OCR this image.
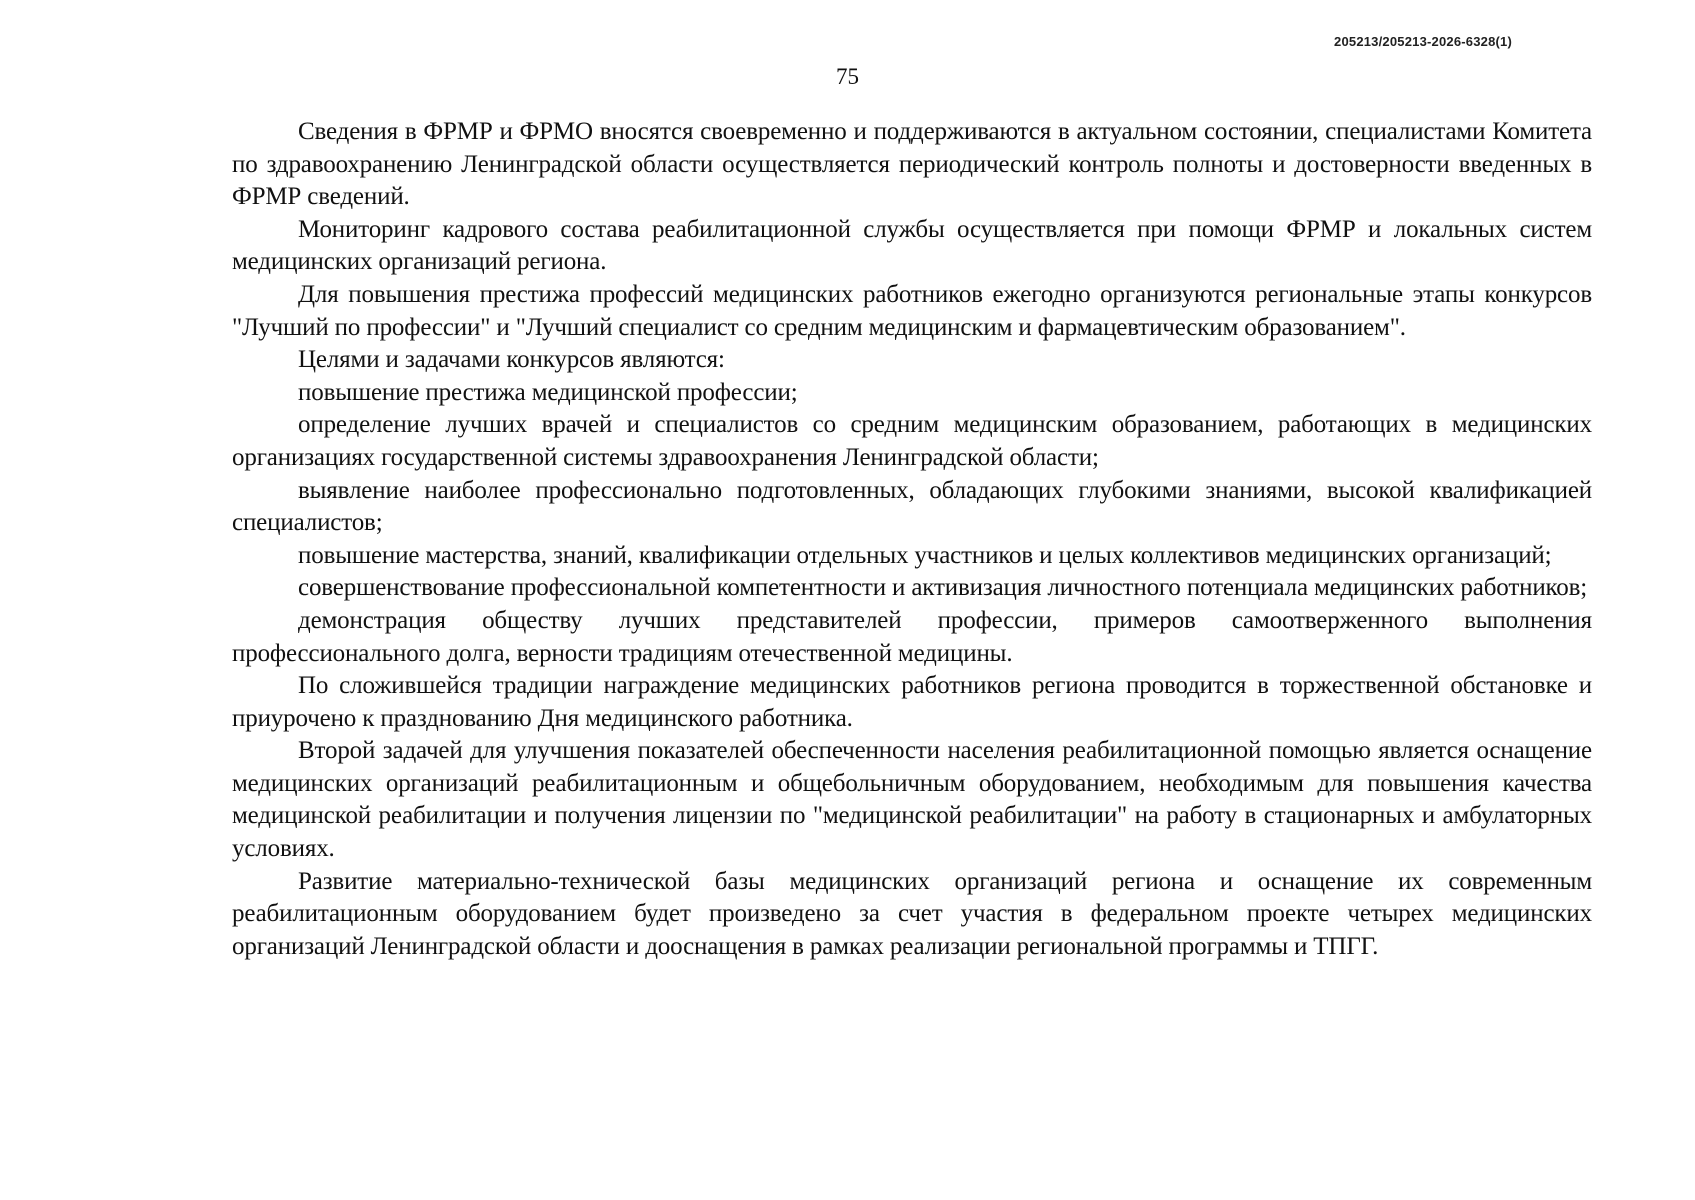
205213/205213-2026-6328(1)
75

Сведения в ФРМР и ФРМО вносятся своевременно и поддерживаются в актуальном состоянии, специалистами Комитета по здравоохранению Ленинградской области осуществляется периодический контроль полноты и достоверности введенных в ФРМР сведений.

Мониторинг кадрового состава реабилитационной службы осуществляется при помощи ФРМР и локальных систем медицинских организаций региона.

Для повышения престижа профессий медицинских работников ежегодно организуются региональные этапы конкурсов "Лучший по профессии" и "Лучший специалист со средним медицинским и фармацевтическим образованием".

Целями и задачами конкурсов являются:

повышение престижа медицинской профессии;

определение лучших врачей и специалистов со средним медицинским образованием, работающих в медицинских организациях государственной системы здравоохранения Ленинградской области;

выявление наиболее профессионально подготовленных, обладающих глубокими знаниями, высокой квалификацией специалистов;

повышение мастерства, знаний, квалификации отдельных участников и целых коллективов медицинских организаций;

совершенствование профессиональной компетентности и активизация личностного потенциала медицинских работников;

демонстрация обществу лучших представителей профессии, примеров самоотверженного выполнения профессионального долга, верности традициям отечественной медицины.

По сложившейся традиции награждение медицинских работников региона проводится в торжественной обстановке и приурочено к празднованию Дня медицинского работника.

Второй задачей для улучшения показателей обеспеченности населения реабилитационной помощью является оснащение медицинских организаций реабилитационным и общебольничным оборудованием, необходимым для повышения качества медицинской реабилитации и получения лицензии по "медицинской реабилитации" на работу в стационарных и амбулаторных условиях.

Развитие материально-технической базы медицинских организаций региона и оснащение их современным реабилитационным оборудованием будет произведено за счет участия в федеральном проекте четырех медицинских организаций Ленинградской области и дооснащения в рамках реализации региональной программы и ТПГГ.
